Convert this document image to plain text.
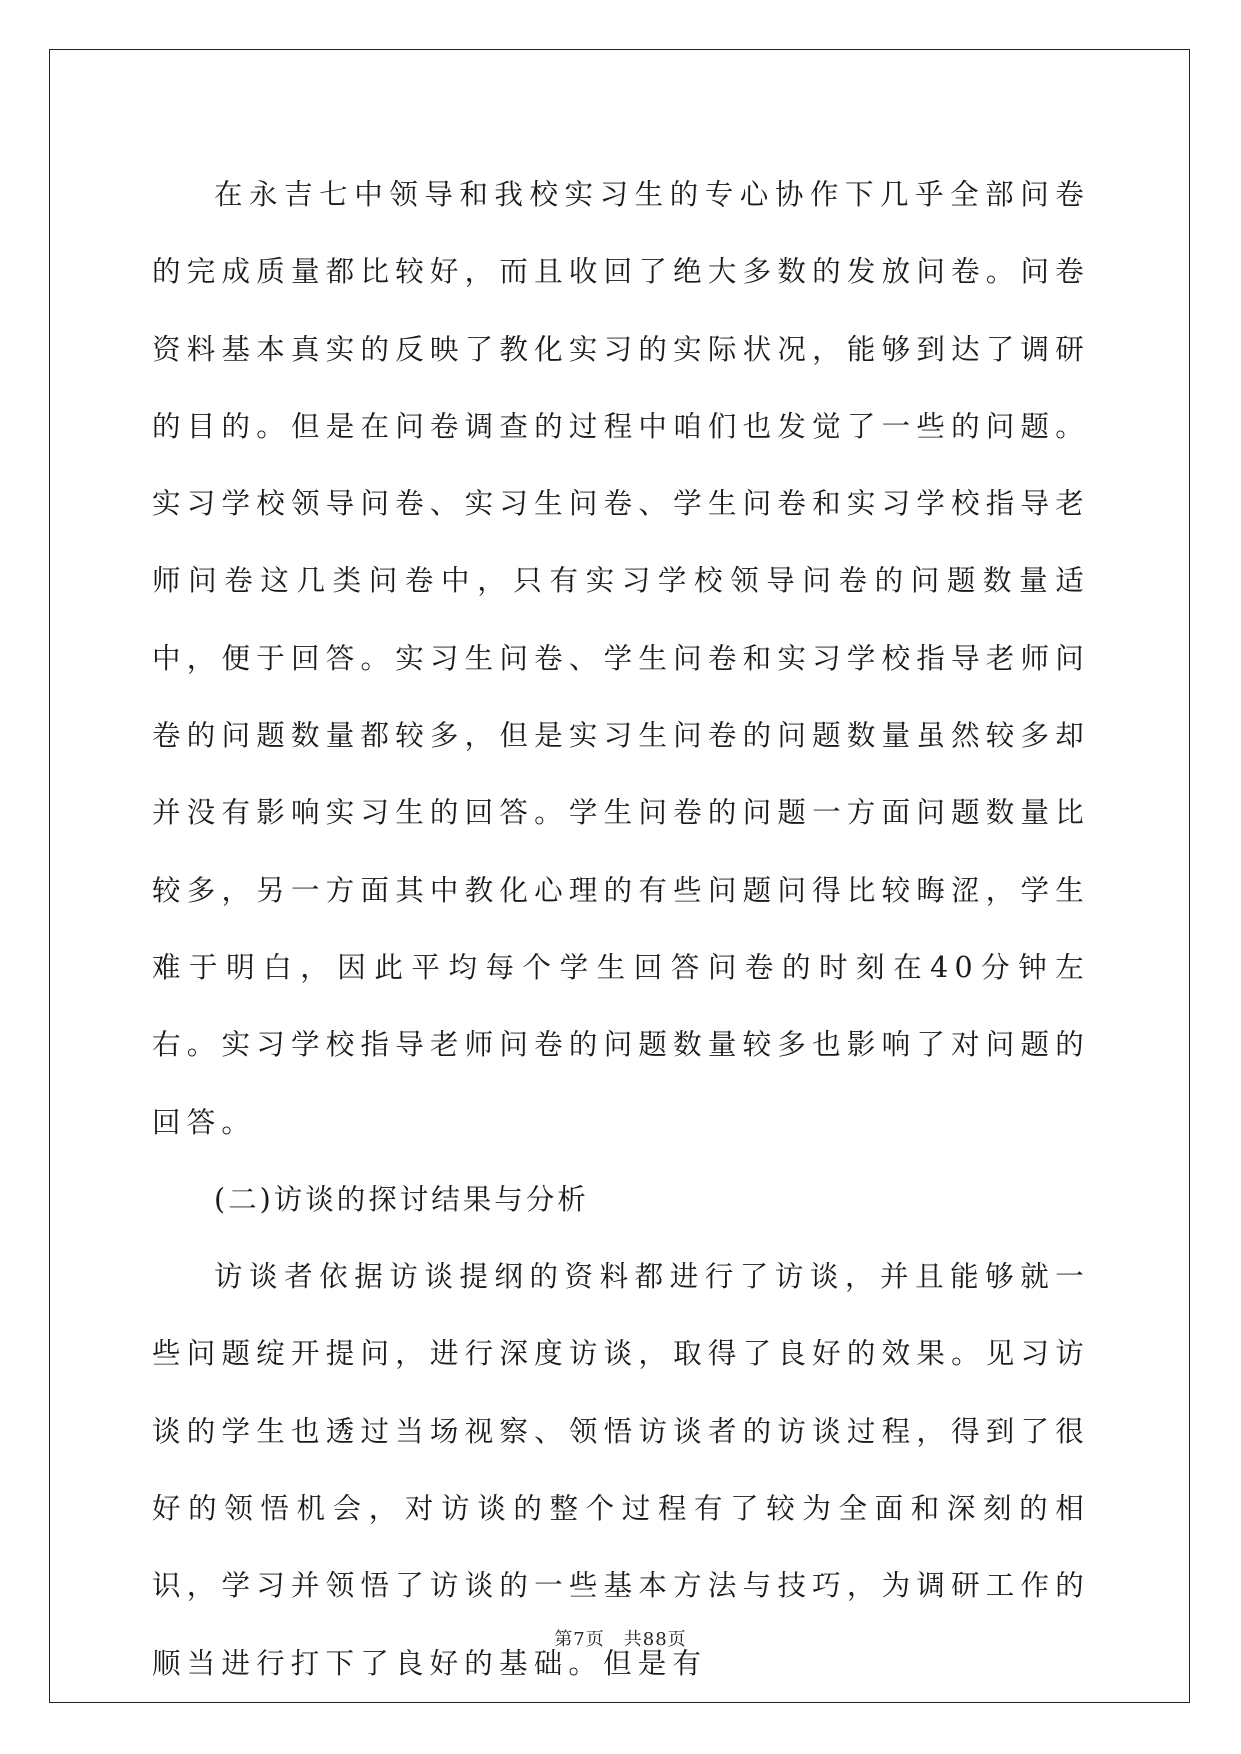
在永吉七中领导和我校实习生的专心协作下几乎全部问卷的完成质量都比较好，而且收回了绝大多数的发放问卷。问卷资料基本真实的反映了教化实习的实际状况，能够到达了调研的目的。但是在问卷调查的过程中咱们也发觉了一些的问题。实习学校领导问卷、实习生问卷、学生问卷和实习学校指导老师问卷这几类问卷中，只有实习学校领导问卷的问题数量适中，便于回答。实习生问卷、学生问卷和实习学校指导老师问卷的问题数量都较多，但是实习生问卷的问题数量虽然较多却并没有影响实习生的回答。学生问卷的问题一方面问题数量比较多，另一方面其中教化心理的有些问题问得比较晦涩，学生难于明白，因此平均每个学生回答问卷的时刻在40分钟左右。实习学校指导老师问卷的问题数量较多也影响了对问题的回答。

(二)访谈的探讨结果与分析

访谈者依据访谈提纲的资料都进行了访谈，并且能够就一些问题绽开提问，进行深度访谈，取得了良好的效果。见习访谈的学生也透过当场视察、领悟访谈者的访谈过程，得到了很好的领悟机会，对访谈的整个过程有了较为全面和深刻的相识，学习并领悟了访谈的一些基本方法与技巧，为调研工作的顺当进行打下了良好的基础。但是有

第7页　共88页
